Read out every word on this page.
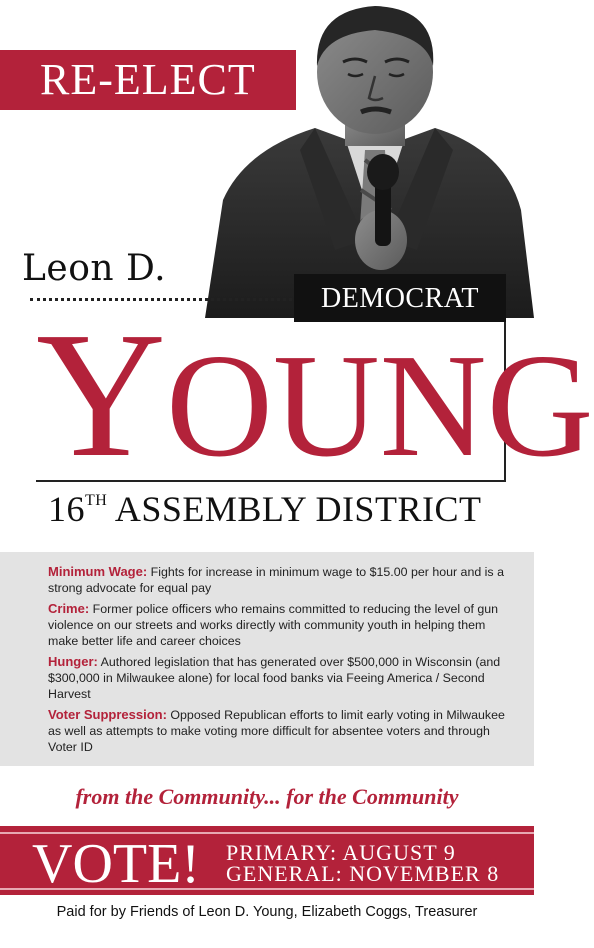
RE-ELECT
Leon D.
DEMOCRAT
YOUNG
16TH ASSEMBLY DISTRICT

Minimum Wage: Fights for increase in minimum wage to $15.00 per hour and is a strong advocate for equal pay

Crime: Former police officers who remains committed to reducing the level of gun violence on our streets and works directly with community youth in helping them make better life and career choices

Hunger: Authored legislation that has generated over $500,000 in Wisconsin (and $300,000 in Milwaukee alone) for local food banks via Feeing America / Second Harvest

Voter Suppression: Opposed Republican efforts to limit early voting in Milwaukee as well as attempts to make voting more difficult for absentee voters and through Voter ID

from the Community... for the Community
VOTE! PRIMARY: AUGUST 9
GENERAL: NOVEMBER 8
Paid for by Friends of Leon D. Young, Elizabeth Coggs, Treasurer
